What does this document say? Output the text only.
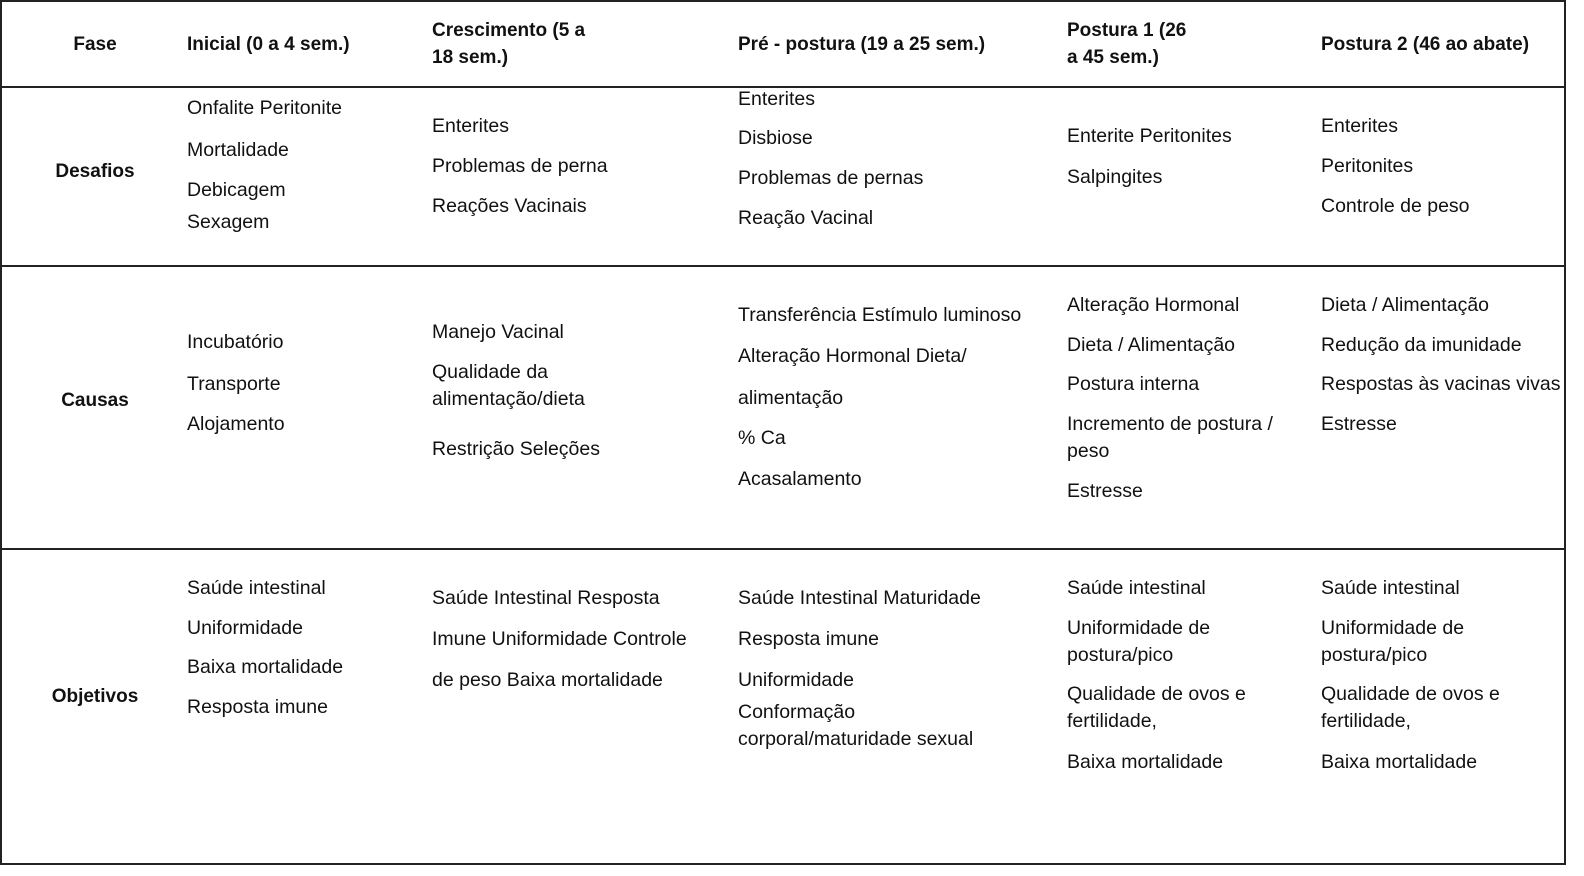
Fase	Inicial (0 a 4 sem.)
Crescimento (5 a
18 sem.)
Pré - postura (19 a 25 sem.)
Postura 1 (26
a 45 sem.)
Postura 2 (46 ao abate)
Desafios
Onfalite Peritonite
Mortalidade
Debicagem
Sexagem
Enterites
Problemas de perna
Reações Vacinais
Enterites
Disbiose
Problemas de pernas
Reação Vacinal
Enterite Peritonites
Salpingites
Enterites
Peritonites
Controle de peso
Causas
Incubatório
Transporte
Alojamento
Manejo Vacinal
Qualidade da
alimentação/dieta
Restrição Seleções
Transferência Estímulo luminoso
Alteração Hormonal Dieta/
alimentação
% Ca
Acasalamento
Alteração Hormonal
Dieta / Alimentação
Postura interna
Incremento de postura /
peso
Estresse
Dieta / Alimentação
Redução da imunidade
Respostas às vacinas vivas
Estresse
Objetivos
Saúde intestinal
Uniformidade
Baixa mortalidade
Resposta imune
Saúde Intestinal Resposta
Imune Uniformidade Controle
de peso Baixa mortalidade
Saúde Intestinal Maturidade
Resposta imune
Uniformidade
Conformação
corporal/maturidade sexual
Saúde intestinal
Uniformidade de
postura/pico
Qualidade de ovos e
fertilidade,
Baixa mortalidade
Saúde intestinal
Uniformidade de
postura/pico
Qualidade de ovos e
fertilidade,
Baixa mortalidade
